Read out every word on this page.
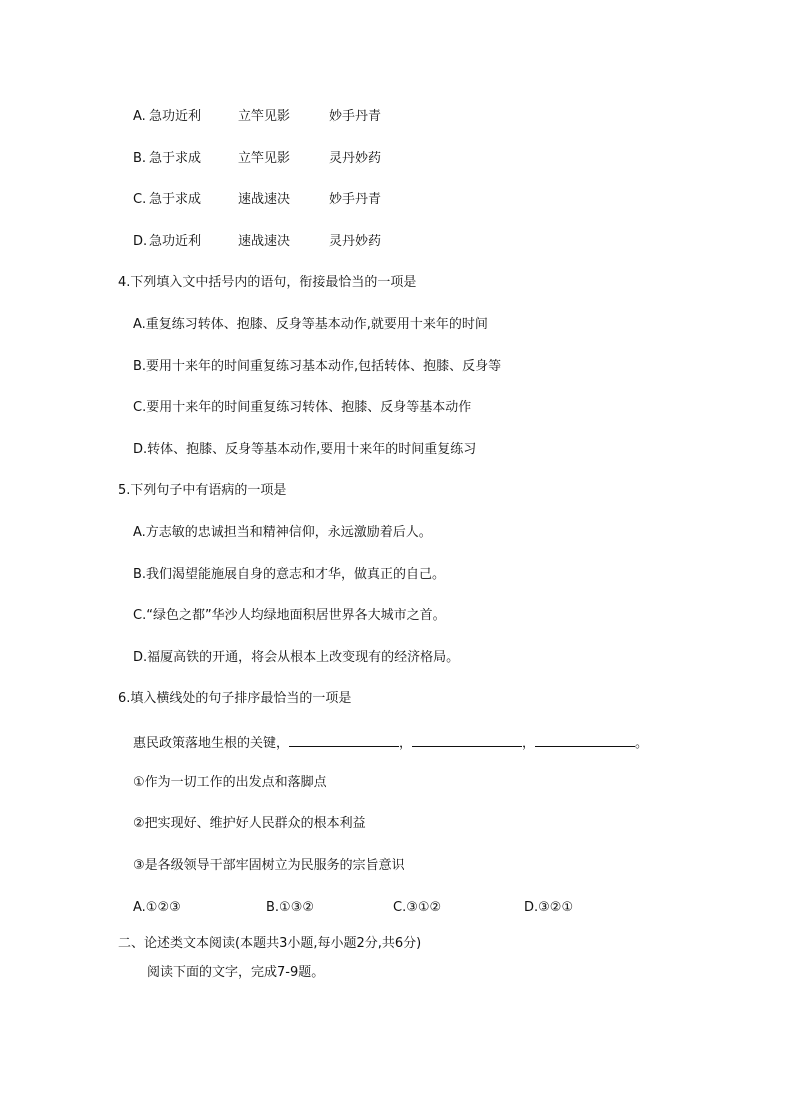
A. 急功近利	立竿见影	妙手丹青
B. 急于求成	立竿见影	灵丹妙药
C. 急于求成	速战速决	妙手丹青
D. 急功近利	速战速决	灵丹妙药
4.下列填入文中括号内的语句，衔接最恰当的一项是
A.重复练习转体、抱膝、反身等基本动作,就要用十来年的时间
B.要用十来年的时间重复练习基本动作,包括转体、抱膝、反身等
C.要用十来年的时间重复练习转体、抱膝、反身等基本动作
D.转体、抱膝、反身等基本动作,要用十来年的时间重复练习
5.下列句子中有语病的一项是
A.方志敏的忠诚担当和精神信仰，永远激励着后人。
B.我们渴望能施展自身的意志和才华，做真正的自己。
C.“绿色之都”华沙人均绿地面积居世界各大城市之首。
D.福厦高铁的开通，将会从根本上改变现有的经济格局。
6.填入横线处的句子排序最恰当的一项是
惠民政策落地生根的关键，	，	，	。
①作为一切工作的出发点和落脚点
②把实现好、维护好人民群众的根本利益
③是各级领导干部牢固树立为民服务的宗旨意识
A.①②③	B.①③②	C.③①②	D.③②①
二、论述类文本阅读(本题共3小题,每小题2分,共6分)
阅读下面的文字，完成7-9题。
